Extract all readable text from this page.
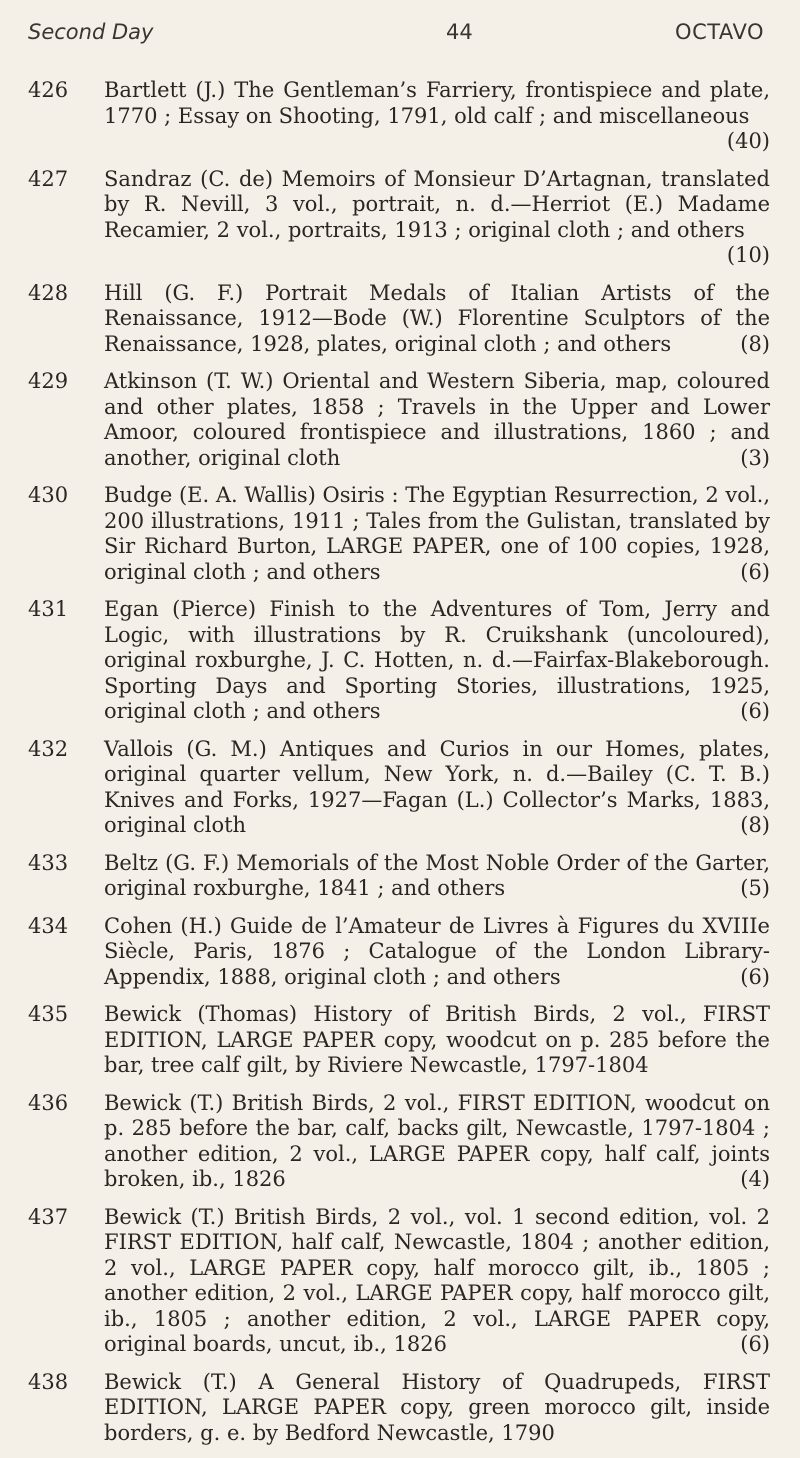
Second Day	44	OCTAVO
426	Bartlett (J.) The Gentleman’s Farriery, frontispiece and plate, 1770 ; Essay on Shooting, 1791, old calf ; and miscellaneous
(40)
427	Sandraz (C. de) Memoirs of Monsieur D’Artagnan, translated by R. Nevill, 3 vol., portrait, n. d.—Herriot (E.) Madame Recamier, 2 vol., portraits, 1913 ; original cloth ; and others
(10)
428	Hill (G. F.) Portrait Medals of Italian Artists of the Renaissance, 1912—Bode (W.) Florentine Sculptors of the Renaissance, 1928, plates, original cloth ; and others	(8)
429	Atkinson (T. W.) Oriental and Western Siberia, map, coloured and other plates, 1858 ; Travels in the Upper and Lower Amoor, coloured frontispiece and illustrations, 1860 ; and another, original cloth	(3)
430	Budge (E. A. Wallis) Osiris : The Egyptian Resurrection, 2 vol., 200 illustrations, 1911 ; Tales from the Gulistan, translated by Sir Richard Burton, LARGE PAPER, one of 100 copies, 1928, original cloth ; and others	(6)
431	Egan (Pierce) Finish to the Adventures of Tom, Jerry and Logic, with illustrations by R. Cruikshank (uncoloured), original roxburghe, J. C. Hotten, n. d.—Fairfax-Blakeborough. Sporting Days and Sporting Stories, illustrations, 1925, original cloth ; and others	(6)
432	Vallois (G. M.) Antiques and Curios in our Homes, plates, original quarter vellum, New York, n. d.—Bailey (C. T. B.) Knives and Forks, 1927—Fagan (L.) Collector’s Marks, 1883, original cloth	(8)
433	Beltz (G. F.) Memorials of the Most Noble Order of the Garter, original roxburghe, 1841 ; and others	(5)
434	Cohen (H.) Guide de l’Amateur de Livres à Figures du XVIIIe Siècle, Paris, 1876 ; Catalogue of the London Library-Appendix, 1888, original cloth ; and others	(6)
435	Bewick (Thomas) History of British Birds, 2 vol., FIRST EDITION, LARGE PAPER copy, woodcut on p. 285 before the bar, tree calf gilt, by Riviere Newcastle, 1797-1804
436	Bewick (T.) British Birds, 2 vol., FIRST EDITION, woodcut on p. 285 before the bar, calf, backs gilt, Newcastle, 1797-1804 ; another edition, 2 vol., LARGE PAPER copy, half calf, joints broken, ib., 1826	(4)
437	Bewick (T.) British Birds, 2 vol., vol. 1 second edition, vol. 2 FIRST EDITION, half calf, Newcastle, 1804 ; another edition, 2 vol., LARGE PAPER copy, half morocco gilt, ib., 1805 ; another edition, 2 vol., LARGE PAPER copy, half morocco gilt, ib., 1805 ; another edition, 2 vol., LARGE PAPER copy, original boards, uncut, ib., 1826	(6)
438	Bewick (T.) A General History of Quadrupeds, FIRST EDITION, LARGE PAPER copy, green morocco gilt, inside borders, g. e. by Bedford Newcastle, 1790
